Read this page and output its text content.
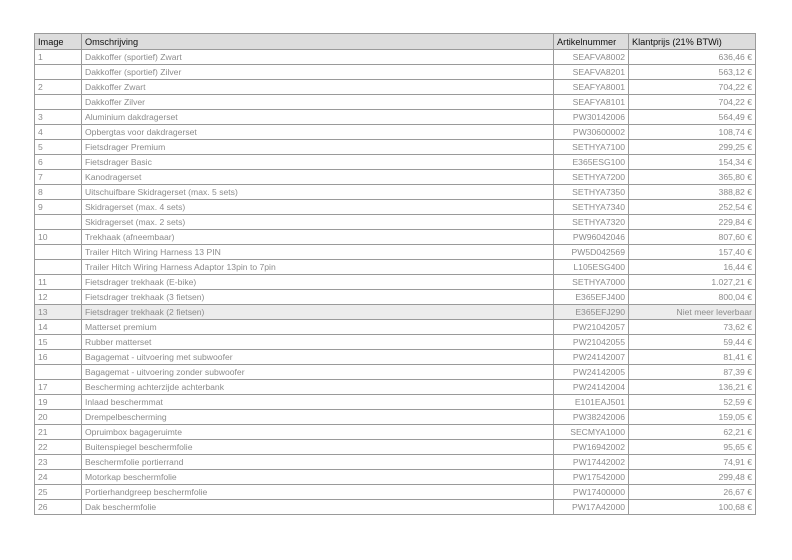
Image	Omschrijving	Artikelnummer	Klantprijs (21% BTWi)
1	Dakkoffer (sportief) Zwart	SEAFVA8002	636,46 €
	Dakkoffer (sportief) Zilver	SEAFVA8201	563,12 €
2	Dakkoffer Zwart	SEAFYA8001	704,22 €
	Dakkoffer Zilver	SEAFYA8101	704,22 €
3	Aluminium dakdragerset	PW30142006	564,49 €
4	Opbergtas voor dakdragerset	PW30600002	108,74 €
5	Fietsdrager Premium	SETHYA7100	299,25 €
6	Fietsdrager Basic	E365ESG100	154,34 €
7	Kanodragerset	SETHYA7200	365,80 €
8	Uitschuifbare Skidragerset (max. 5 sets)	SETHYA7350	388,82 €
9	Skidragerset (max. 4 sets)	SETHYA7340	252,54 €
	Skidragerset (max. 2 sets)	SETHYA7320	229,84 €
10	Trekhaak (afneembaar)	PW96042046	807,60 €
	Trailer Hitch Wiring Harness 13 PIN	PW5D042569	157,40 €
	Trailer Hitch Wiring Harness Adaptor 13pin to 7pin	L105ESG400	16,44 €
11	Fietsdrager trekhaak (E-bike)	SETHYA7000	1.027,21 €
12	Fietsdrager trekhaak (3 fietsen)	E365EFJ400	800,04 €
13	Fietsdrager trekhaak (2 fietsen)	E365EFJ290	Niet meer leverbaar
14	Matterset premium	PW21042057	73,62 €
15	Rubber matterset	PW21042055	59,44 €
16	Bagagemat - uitvoering met subwoofer	PW24142007	81,41 €
	Bagagemat - uitvoering zonder subwoofer	PW24142005	87,39 €
17	Bescherming achterzijde achterbank	PW24142004	136,21 €
19	Inlaad beschermmat	E101EAJ501	52,59 €
20	Drempelbescherming	PW38242006	159,05 €
21	Opruimbox bagageruimte	SECMYA1000	62,21 €
22	Buitenspiegel beschermfolie	PW16942002	95,65 €
23	Beschermfolie portierrand	PW17442002	74,91 €
24	Motorkap beschermfolie	PW17542000	299,48 €
25	Portierhandgreep beschermfolie	PW17400000	26,67 €
26	Dak beschermfolie	PW17A42000	100,68 €
